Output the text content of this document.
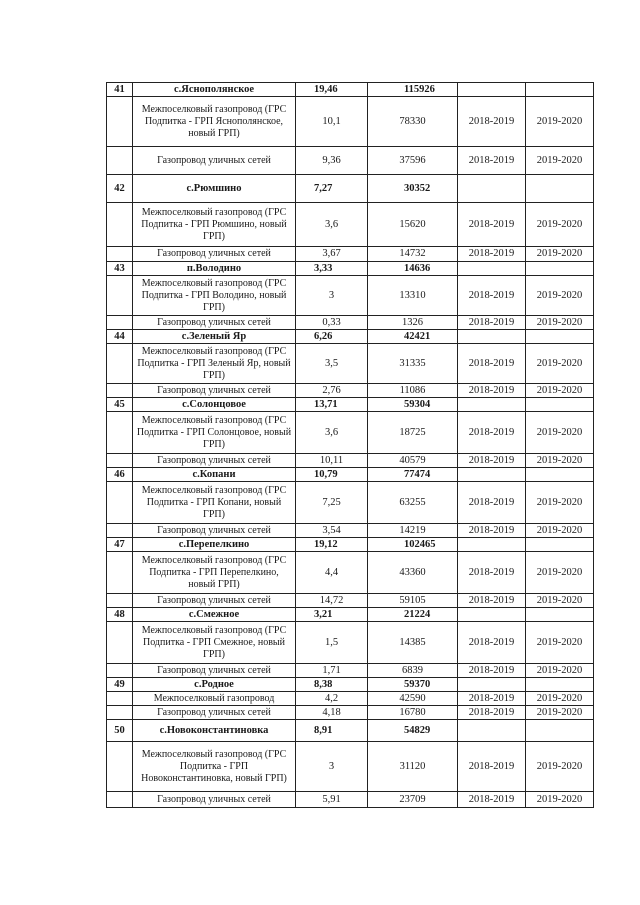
41	с.Яснополянское	19,46	115926		
	Межпоселковый газопровод (ГРС Подпитка - ГРП Яснополянское, новый ГРП)	10,1	78330	2018-2019	2019-2020
	Газопровод уличных сетей	9,36	37596	2018-2019	2019-2020
42	с.Рюмшино	7,27	30352		
	Межпоселковый газопровод (ГРС Подпитка - ГРП Рюмшино, новый ГРП)	3,6	15620	2018-2019	2019-2020
	Газопровод уличных сетей	3,67	14732	2018-2019	2019-2020
43	п.Володино	3,33	14636		
	Межпоселковый газопровод (ГРС Подпитка - ГРП Володино, новый ГРП)	3	13310	2018-2019	2019-2020
	Газопровод уличных сетей	0,33	1326	2018-2019	2019-2020
44	с.Зеленый Яр	6,26	42421		
	Межпоселковый газопровод (ГРС Подпитка - ГРП Зеленый Яр, новый ГРП)	3,5	31335	2018-2019	2019-2020
	Газопровод уличных сетей	2,76	11086	2018-2019	2019-2020
45	с.Солонцовое	13,71	59304		
	Межпоселковый газопровод (ГРС Подпитка - ГРП Солонцовое, новый ГРП)	3,6	18725	2018-2019	2019-2020
	Газопровод уличных сетей	10,11	40579	2018-2019	2019-2020
46	с.Копани	10,79	77474		
	Межпоселковый газопровод (ГРС Подпитка - ГРП Копани, новый ГРП)	7,25	63255	2018-2019	2019-2020
	Газопровод уличных сетей	3,54	14219	2018-2019	2019-2020
47	с.Перепелкино	19,12	102465		
	Межпоселковый газопровод (ГРС Подпитка - ГРП Перепелкино, новый ГРП)	4,4	43360	2018-2019	2019-2020
	Газопровод уличных сетей	14,72	59105	2018-2019	2019-2020
48	с.Смежное	3,21	21224		
	Межпоселковый газопровод (ГРС Подпитка - ГРП Смежное, новый ГРП)	1,5	14385	2018-2019	2019-2020
	Газопровод уличных сетей	1,71	6839	2018-2019	2019-2020
49	с.Родное	8,38	59370		
	Межпоселковый газопровод	4,2	42590	2018-2019	2019-2020
	Газопровод уличных сетей	4,18	16780	2018-2019	2019-2020
50	с.Новоконстантиновка	8,91	54829		
	Межпоселковый газопровод (ГРС Подпитка - ГРП Новоконстантиновка, новый ГРП)	3	31120	2018-2019	2019-2020
	Газопровод уличных сетей	5,91	23709	2018-2019	2019-2020
